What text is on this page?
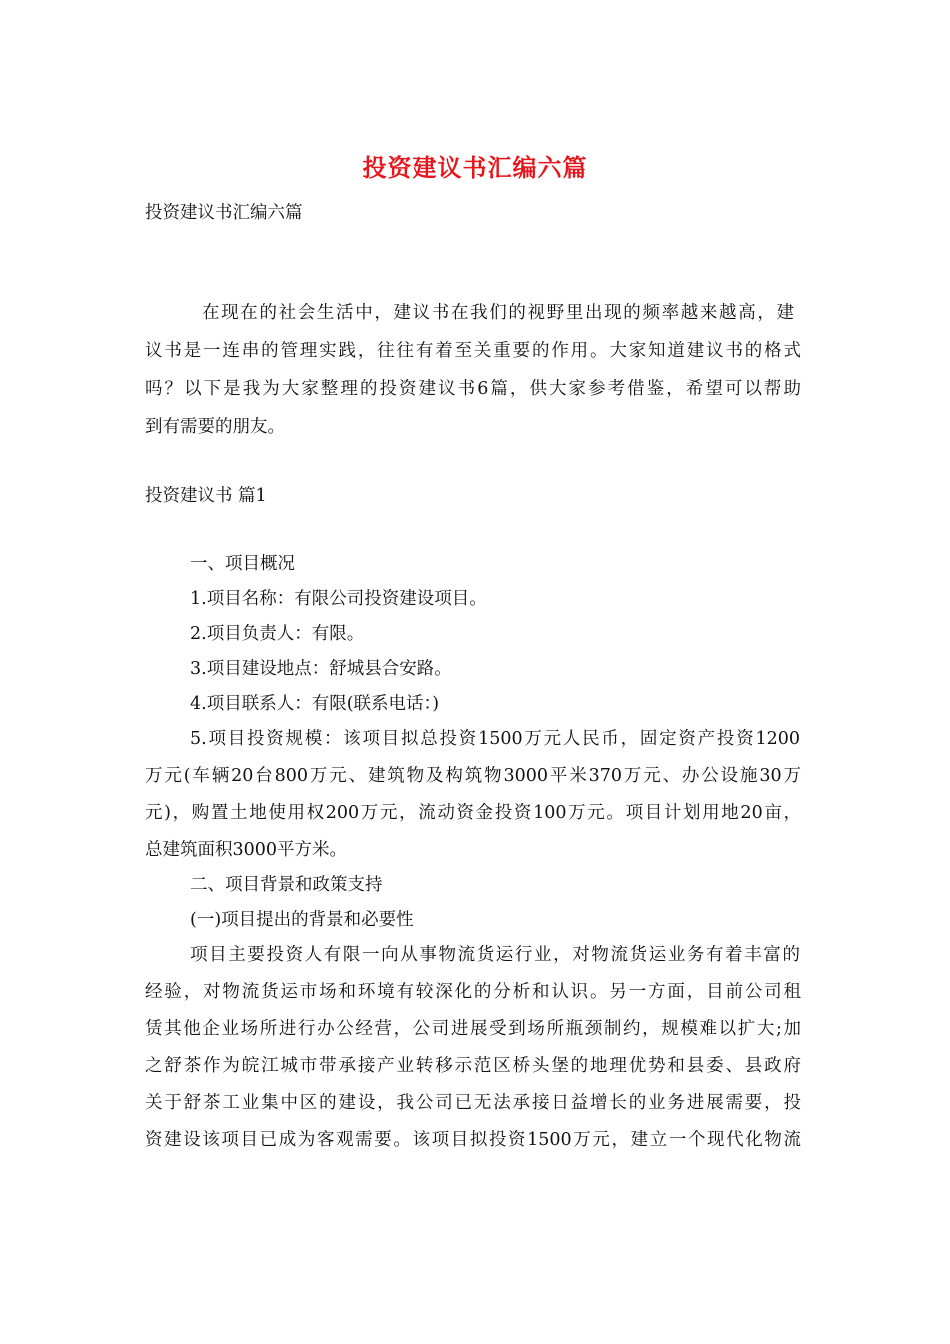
投资建议书汇编六篇
投资建议书汇编六篇
在现在的社会生活中，建议书在我们的视野里出现的频率越来越高，建
议书是一连串的管理实践，往往有着至关重要的作用。大家知道建议书的格式
吗？以下是我为大家整理的投资建议书6篇，供大家参考借鉴，希望可以帮助
到有需要的朋友。
投资建议书 篇1
一、项目概况
1.项目名称：有限公司投资建设项目。
2.项目负责人：有限。
3.项目建设地点：舒城县合安路。
4.项目联系人：有限(联系电话：)
5.项目投资规模：该项目拟总投资1500万元人民币，固定资产投资1200
万元(车辆20台800万元、建筑物及构筑物3000平米370万元、办公设施30万
元)，购置土地使用权200万元，流动资金投资100万元。项目计划用地20亩，
总建筑面积3000平方米。
二、项目背景和政策支持
(一)项目提出的背景和必要性
项目主要投资人有限一向从事物流货运行业，对物流货运业务有着丰富的
经验，对物流货运市场和环境有较深化的分析和认识。另一方面，目前公司租
赁其他企业场所进行办公经营，公司进展受到场所瓶颈制约，规模难以扩大;加
之舒茶作为皖江城市带承接产业转移示范区桥头堡的地理优势和县委、县政府
关于舒茶工业集中区的建设，我公司已无法承接日益增长的业务进展需要，投
资建设该项目已成为客观需要。该项目拟投资1500万元，建立一个现代化物流
